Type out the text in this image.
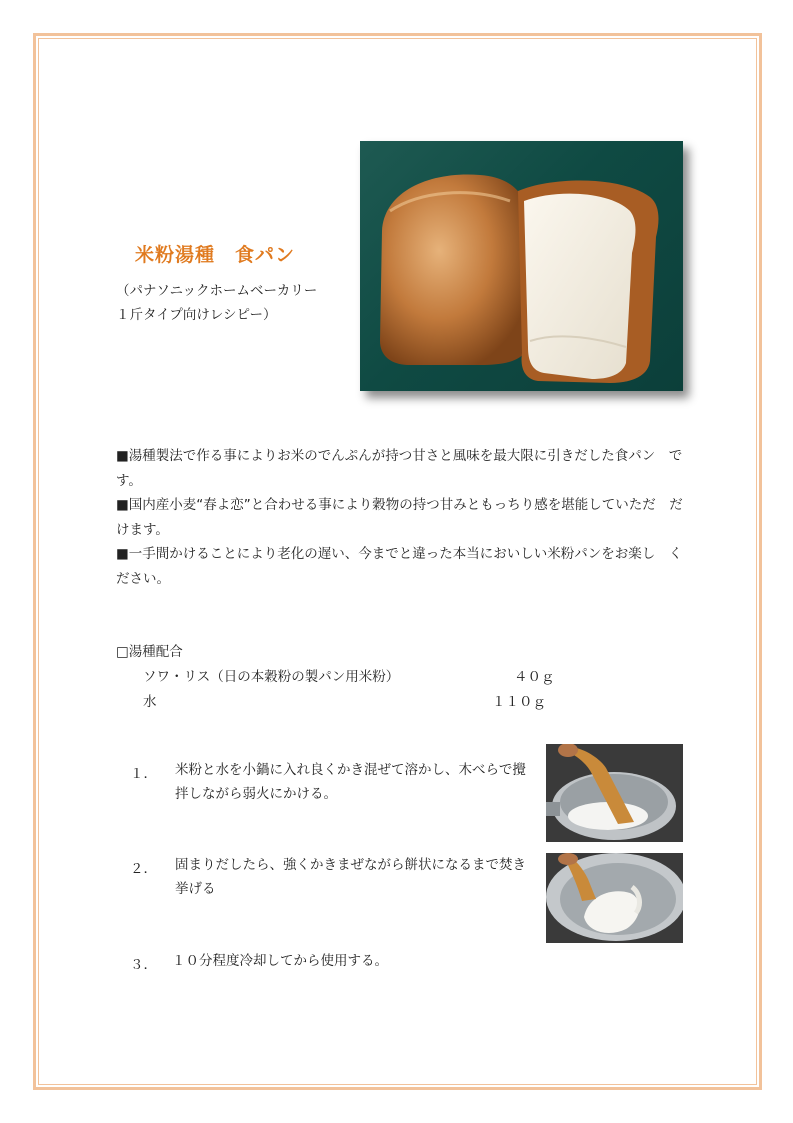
米粉湯種　食パン
（パナソニックホームベーカリー
１斤タイプ向けレシピー）

■湯種製法で作る事によりお米のでんぷんが持つ甘さと風味を最大限に引きだした食パン　です。

■国内産小麦“春よ恋”と合わせる事により穀物の持つ甘みともっちり感を堪能していただ　だけます。

■一手間かけることにより老化の遅い、今までと違った本当においしい米粉パンをお楽し　ください。

□湯種配合
ソワ・リス（日の本穀粉の製パン用米粉）	４０ｇ
水	１１０ｇ
１． 米粉と水を小鍋に入れ良くかき混ぜて溶かし、木べらで攪拌しながら弱火にかける。
２． 固まりだしたら、強くかきまぜながら餅状になるまで焚き挙げる
３． １０分程度冷却してから使用する。
